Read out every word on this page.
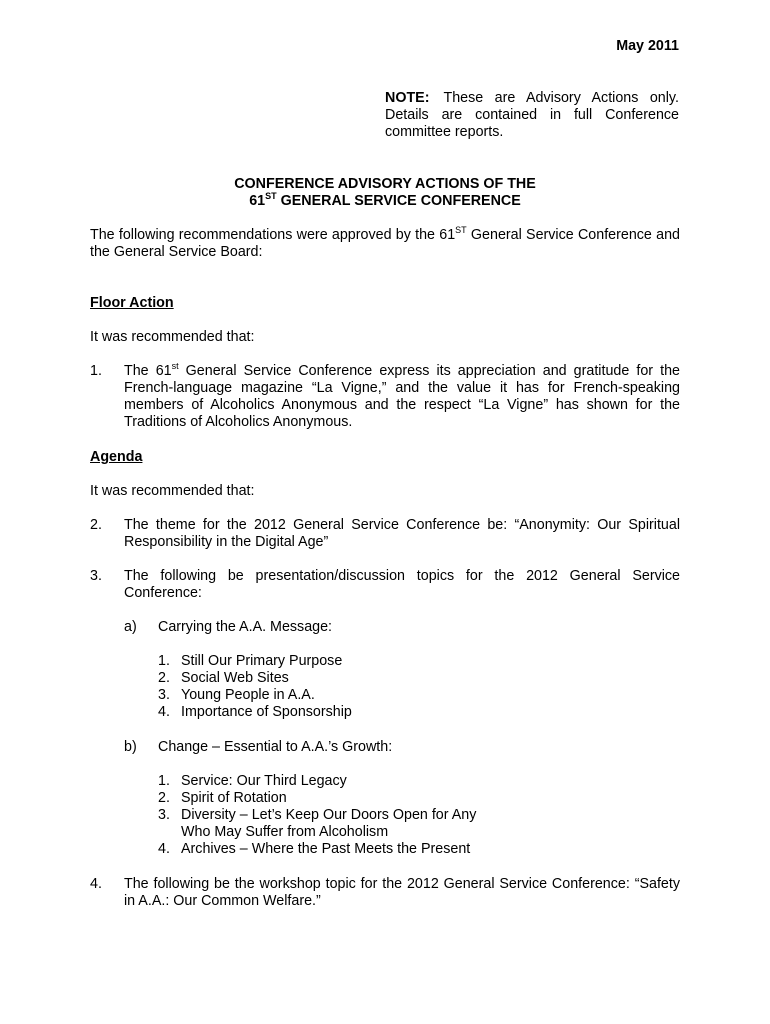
May 2011
NOTE: These are Advisory Actions only. Details are contained in full Conference committee reports.
CONFERENCE ADVISORY ACTIONS OF THE
61ST GENERAL SERVICE CONFERENCE
The following recommendations were approved by the 61ST General Service Conference and the General Service Board:
Floor Action
It was recommended that:
1. The 61st General Service Conference express its appreciation and gratitude for the French-language magazine “La Vigne,” and the value it has for French-speaking members of Alcoholics Anonymous and the respect “La Vigne” has shown for the Traditions of Alcoholics Anonymous.
Agenda
It was recommended that:
2. The theme for the 2012 General Service Conference be: “Anonymity: Our Spiritual Responsibility in the Digital Age”
3. The following be presentation/discussion topics for the 2012 General Service Conference:
a) Carrying the A.A. Message:
1. Still Our Primary Purpose
2. Social Web Sites
3. Young People in A.A.
4. Importance of Sponsorship
b) Change – Essential to A.A.’s Growth:
1. Service: Our Third Legacy
2. Spirit of Rotation
3. Diversity – Let’s Keep Our Doors Open for Any
Who May Suffer from Alcoholism
4. Archives – Where the Past Meets the Present
4. The following be the workshop topic for the 2012 General Service Conference: “Safety in A.A.: Our Common Welfare.”
